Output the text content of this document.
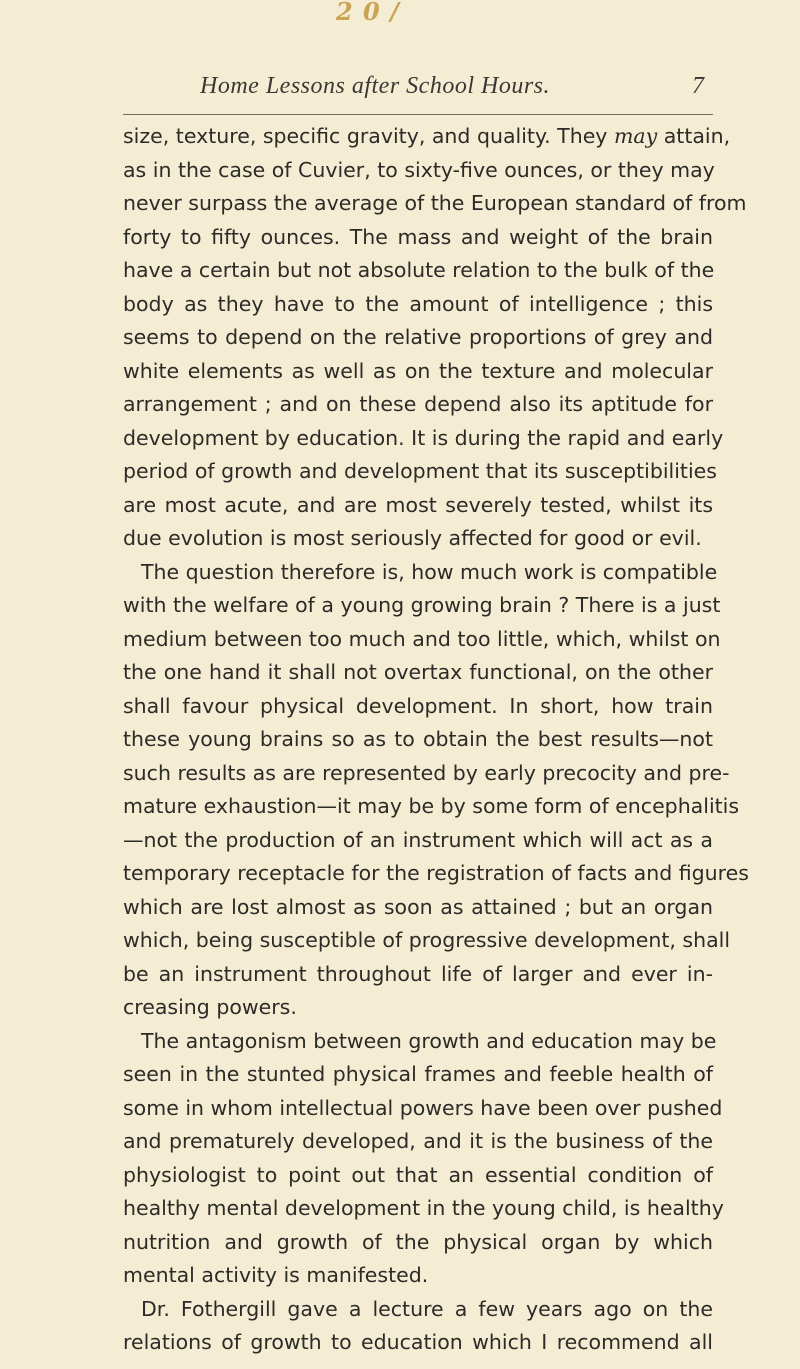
2 0 /
Home Lessons after School Hours.	7
size, texture, specific gravity, and quality. They may attain,
as in the case of Cuvier, to sixty-five ounces, or they may
never surpass the average of the European standard of from
forty to fifty ounces. The mass and weight of the brain
have a certain but not absolute relation to the bulk of the
body as they have to the amount of intelligence ; this
seems to depend on the relative proportions of grey and
white elements as well as on the texture and molecular
arrangement ; and on these depend also its aptitude for
development by education. It is during the rapid and early
period of growth and development that its susceptibilities
are most acute, and are most severely tested, whilst its
due evolution is most seriously affected for good or evil.
The question therefore is, how much work is compatible
with the welfare of a young growing brain ? There is a just
medium between too much and too little, which, whilst on
the one hand it shall not overtax functional, on the other
shall favour physical development. In short, how train
these young brains so as to obtain the best results—not
such results as are represented by early precocity and pre-
mature exhaustion—it may be by some form of encephalitis
—not the production of an instrument which will act as a
temporary receptacle for the registration of facts and figures
which are lost almost as soon as attained ; but an organ
which, being susceptible of progressive development, shall
be an instrument throughout life of larger and ever in-
creasing powers.
The antagonism between growth and education may be
seen in the stunted physical frames and feeble health of
some in whom intellectual powers have been over pushed
and prematurely developed, and it is the business of the
physiologist to point out that an essential condition of
healthy mental development in the young child, is healthy
nutrition and growth of the physical organ by which
mental activity is manifested.
Dr. Fothergill gave a lecture a few years ago on the
relations of growth to education which I recommend all
